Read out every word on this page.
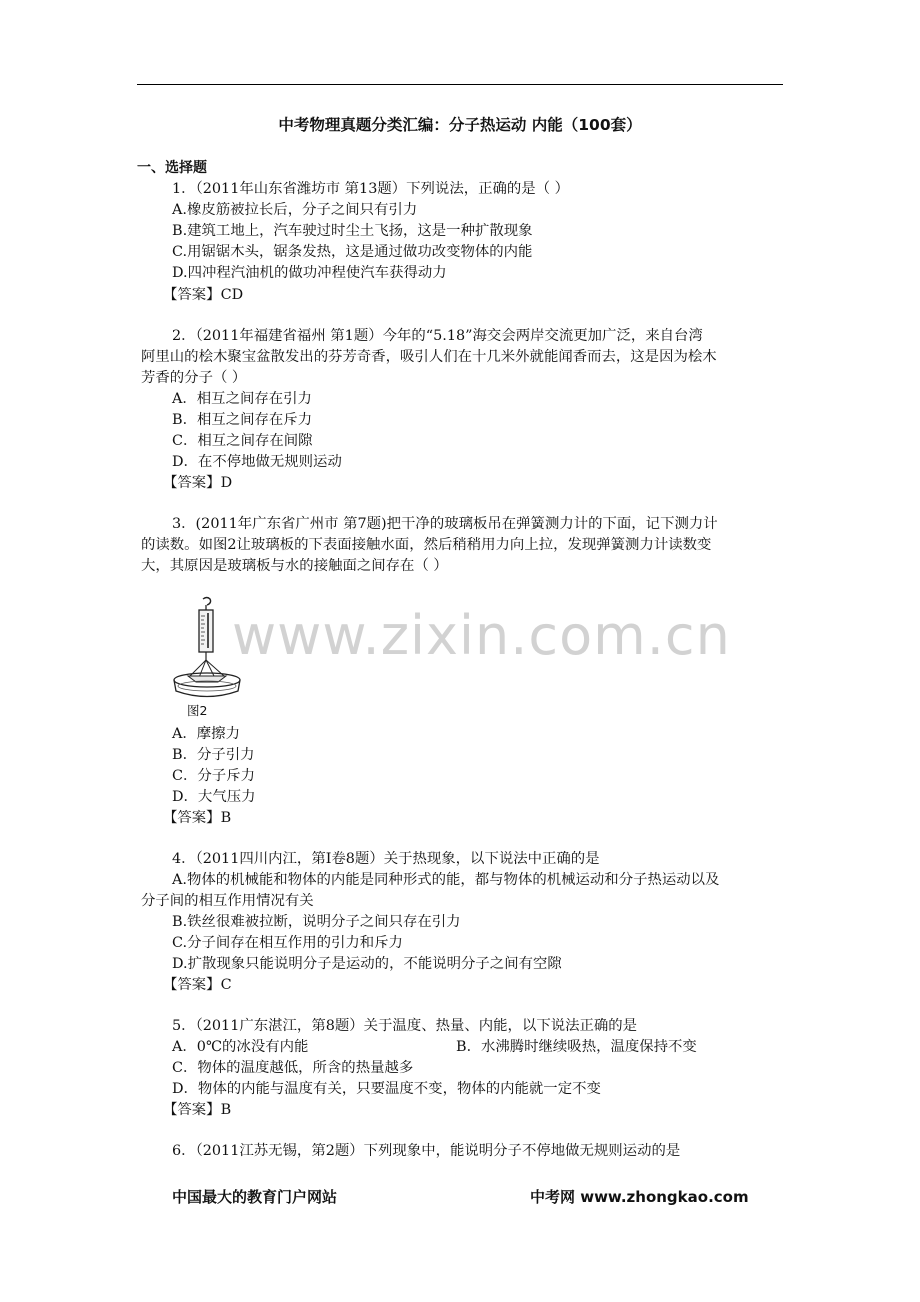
中考物理真题分类汇编：分子热运动 内能（100套）
一、选择题
1．（2011年山东省潍坊市 第13题）下列说法，正确的是（ ）
A.橡皮筋被拉长后，分子之间只有引力
B.建筑工地上，汽车驶过时尘土飞扬，这是一种扩散现象
C.用锯锯木头，锯条发热，这是通过做功改变物体的内能
D.四冲程汽油机的做功冲程使汽车获得动力
【答案】CD
2．（2011年福建省福州 第1题）今年的“5.18”海交会两岸交流更加广泛，来自台湾
阿里山的桧木聚宝盆散发出的芬芳奇香，吸引人们在十几米外就能闻香而去，这是因为桧木
芳香的分子（ ）
A．相互之间存在引力
B．相互之间存在斥力
C．相互之间存在间隙
D．在不停地做无规则运动
【答案】D
3．(2011年广东省广州市 第7题)把干净的玻璃板吊在弹簧测力计的下面，记下测力计
的读数。如图2让玻璃板的下表面接触水面，然后稍稍用力向上拉，发现弹簧测力计读数变
大，其原因是玻璃板与水的接触面之间存在（ ）
www.zixin.com.cn
图2
A．摩擦力
B．分子引力
C．分子斥力
D．大气压力
【答案】B
4．（2011四川内江，第Ⅰ卷8题）关于热现象，以下说法中正确的是
A.物体的机械能和物体的内能是同种形式的能，都与物体的机械运动和分子热运动以及
分子间的相互作用情况有关
B.铁丝很难被拉断，说明分子之间只存在引力
C.分子间存在相互作用的引力和斥力
D.扩散现象只能说明分子是运动的，不能说明分子之间有空隙
【答案】C
5．（2011广东湛江，第8题）关于温度、热量、内能，以下说法正确的是
A．0℃的冰没有内能	B．水沸腾时继续吸热，温度保持不变
C．物体的温度越低，所含的热量越多
D．物体的内能与温度有关，只要温度不变，物体的内能就一定不变
【答案】B
6．（2011江苏无锡，第2题）下列现象中，能说明分子不停地做无规则运动的是
中国最大的教育门户网站	中考网 www.zhongkao.com
